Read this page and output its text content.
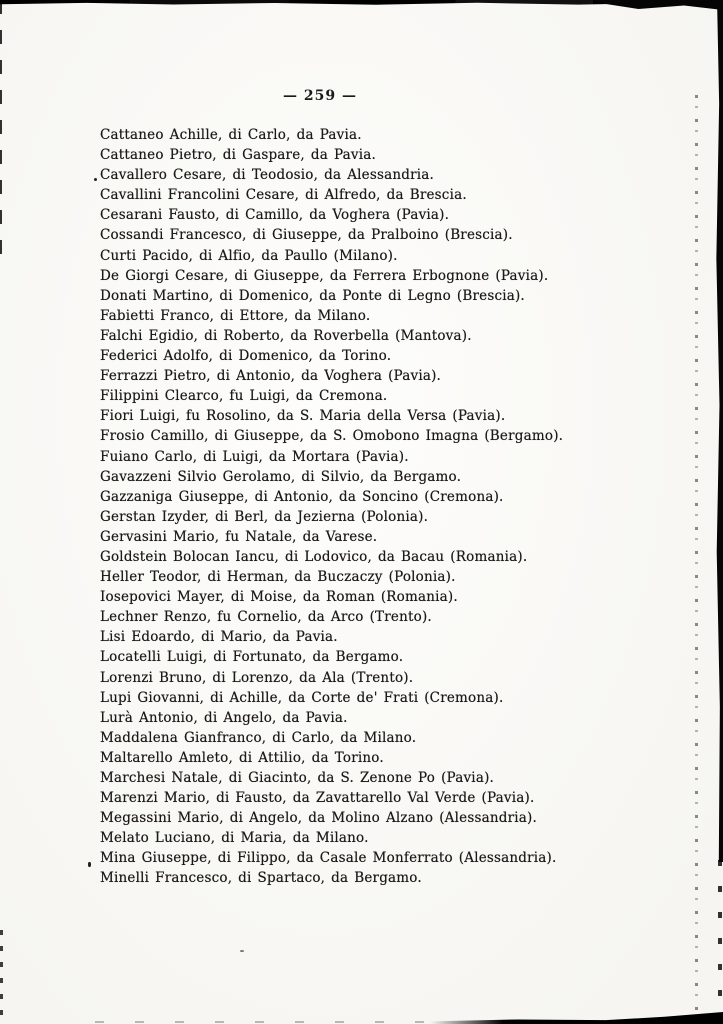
— 259 —
Cattaneo Achille, di Carlo, da Pavia.
Cattaneo Pietro, di Gaspare, da Pavia.
Cavallero Cesare, di Teodosio, da Alessandria.
Cavallini Francolini Cesare, di Alfredo, da Brescia.
Cesarani Fausto, di Camillo, da Voghera (Pavia).
Cossandi Francesco, di Giuseppe, da Pralboino (Brescia).
Curti Pacido, di Alfio, da Paullo (Milano).
De Giorgi Cesare, di Giuseppe, da Ferrera Erbognone (Pavia).
Donati Martino, di Domenico, da Ponte di Legno (Brescia).
Fabietti Franco, di Ettore, da Milano.
Falchi Egidio, di Roberto, da Roverbella (Mantova).
Federici Adolfo, di Domenico, da Torino.
Ferrazzi Pietro, di Antonio, da Voghera (Pavia).
Filippini Clearco, fu Luigi, da Cremona.
Fiori Luigi, fu Rosolino, da S. Maria della Versa (Pavia).
Frosio Camillo, di Giuseppe, da S. Omobono Imagna (Bergamo).
Fuiano Carlo, di Luigi, da Mortara (Pavia).
Gavazzeni Silvio Gerolamo, di Silvio, da Bergamo.
Gazzaniga Giuseppe, di Antonio, da Soncino (Cremona).
Gerstan Izyder, di Berl, da Jezierna (Polonia).
Gervasini Mario, fu Natale, da Varese.
Goldstein Bolocan Iancu, di Lodovico, da Bacau (Romania).
Heller Teodor, di Herman, da Buczaczy (Polonia).
Iosepovici Mayer, di Moise, da Roman (Romania).
Lechner Renzo, fu Cornelio, da Arco (Trento).
Lisi Edoardo, di Mario, da Pavia.
Locatelli Luigi, di Fortunato, da Bergamo.
Lorenzi Bruno, di Lorenzo, da Ala (Trento).
Lupi Giovanni, di Achille, da Corte de' Frati (Cremona).
Lurà Antonio, di Angelo, da Pavia.
Maddalena Gianfranco, di Carlo, da Milano.
Maltarello Amleto, di Attilio, da Torino.
Marchesi Natale, di Giacinto, da S. Zenone Po (Pavia).
Marenzi Mario, di Fausto, da Zavattarello Val Verde (Pavia).
Megassini Mario, di Angelo, da Molino Alzano (Alessandria).
Melato Luciano, di Maria, da Milano.
Mina Giuseppe, di Filippo, da Casale Monferrato (Alessandria).
Minelli Francesco, di Spartaco, da Bergamo.
